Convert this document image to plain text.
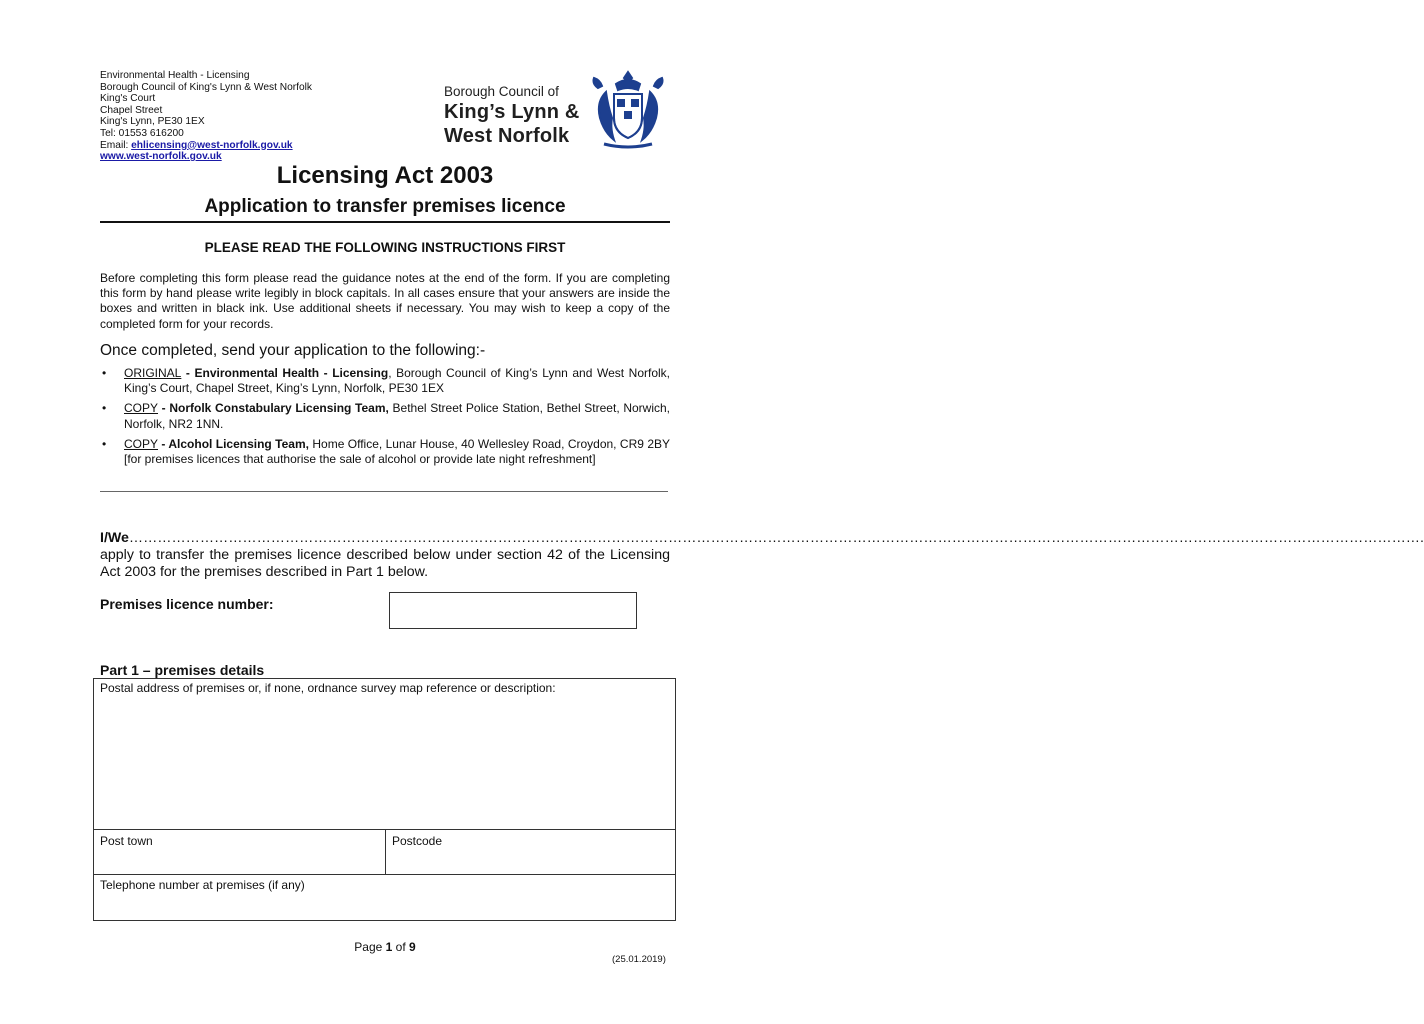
Environmental Health - Licensing
Borough Council of King's Lynn & West Norfolk
King's Court
Chapel Street
King's Lynn, PE30 1EX
Tel: 01553 616200
Email: ehlicensing@west-norfolk.gov.uk
www.west-norfolk.gov.uk
Borough Council of
King’s Lynn &
West Norfolk
Licensing Act 2003
Application to transfer premises licence
PLEASE READ THE FOLLOWING INSTRUCTIONS FIRST
Before completing this form please read the guidance notes at the end of the form. If you are completing this form by hand please write legibly in block capitals. In all cases ensure that your answers are inside the boxes and written in black ink. Use additional sheets if necessary. You may wish to keep a copy of the completed form for your records.
Once completed, send your application to the following:-
• ORIGINAL - Environmental Health - Licensing, Borough Council of King’s Lynn and West Norfolk, King’s Court, Chapel Street, King’s Lynn, Norfolk, PE30 1EX
• COPY - Norfolk Constabulary Licensing Team, Bethel Street Police Station, Bethel Street, Norwich, Norfolk, NR2 1NN.
• COPY - Alcohol Licensing Team, Home Office, Lunar House, 40 Wellesley Road, Croydon, CR9 2BY [for premises licences that authorise the sale of alcohol or provide late night refreshment]
I/We………………………………………………………………………………………………………………………………………………………………………………………………………………………………………………….
apply to transfer the premises licence described below under section 42 of the Licensing Act 2003 for the premises described in Part 1 below.
Premises licence number:
Part 1 – premises details
Postal address of premises or, if none, ordnance survey map reference or description:
Post town	Postcode
Telephone number at premises (if any)
Page 1 of 9
(25.01.2019)
